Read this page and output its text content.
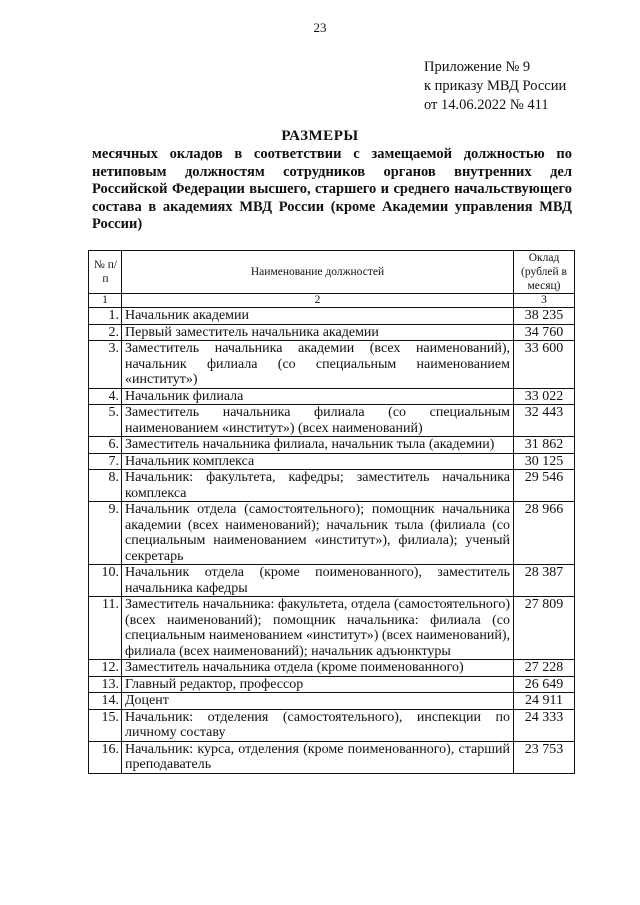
23
Приложение № 9
к приказу МВД России
от 14.06.2022 № 411
РАЗМЕРЫ
месячных окладов в соответствии с замещаемой должностью по нетиповым должностям сотрудников органов внутренних дел Российской Федерации высшего, старшего и среднего начальствующего состава в академиях МВД России (кроме Академии управления МВД России)
№ п/п	Наименование должностей	Оклад (рублей в месяц)
1	2	3
1.	Начальник академии	38 235
2.	Первый заместитель начальника академии	34 760
3.	Заместитель начальника академии (всех наименований), начальник филиала (со специальным наименованием «институт»)	33 600
4.	Начальник филиала	33 022
5.	Заместитель начальника филиала (со специальным наименованием «институт») (всех наименований)	32 443
6.	Заместитель начальника филиала, начальник тыла (академии)	31 862
7.	Начальник комплекса	30 125
8.	Начальник: факультета, кафедры; заместитель начальника комплекса	29 546
9.	Начальник отдела (самостоятельного); помощник начальника академии (всех наименований); начальник тыла (филиала (со специальным наименованием «институт»), филиала); ученый секретарь	28 966
10.	Начальник отдела (кроме поименованного), заместитель начальника кафедры	28 387
11.	Заместитель начальника: факультета, отдела (самостоятельного) (всех наименований); помощник начальника: филиала (со специальным наименованием «институт») (всех наименований), филиала (всех наименований); начальник адъюнктуры	27 809
12.	Заместитель начальника отдела (кроме поименованного)	27 228
13.	Главный редактор, профессор	26 649
14.	Доцент	24 911
15.	Начальник: отделения (самостоятельного), инспекции по личному составу	24 333
16.	Начальник: курса, отделения (кроме поименованного), старший преподаватель	23 753
